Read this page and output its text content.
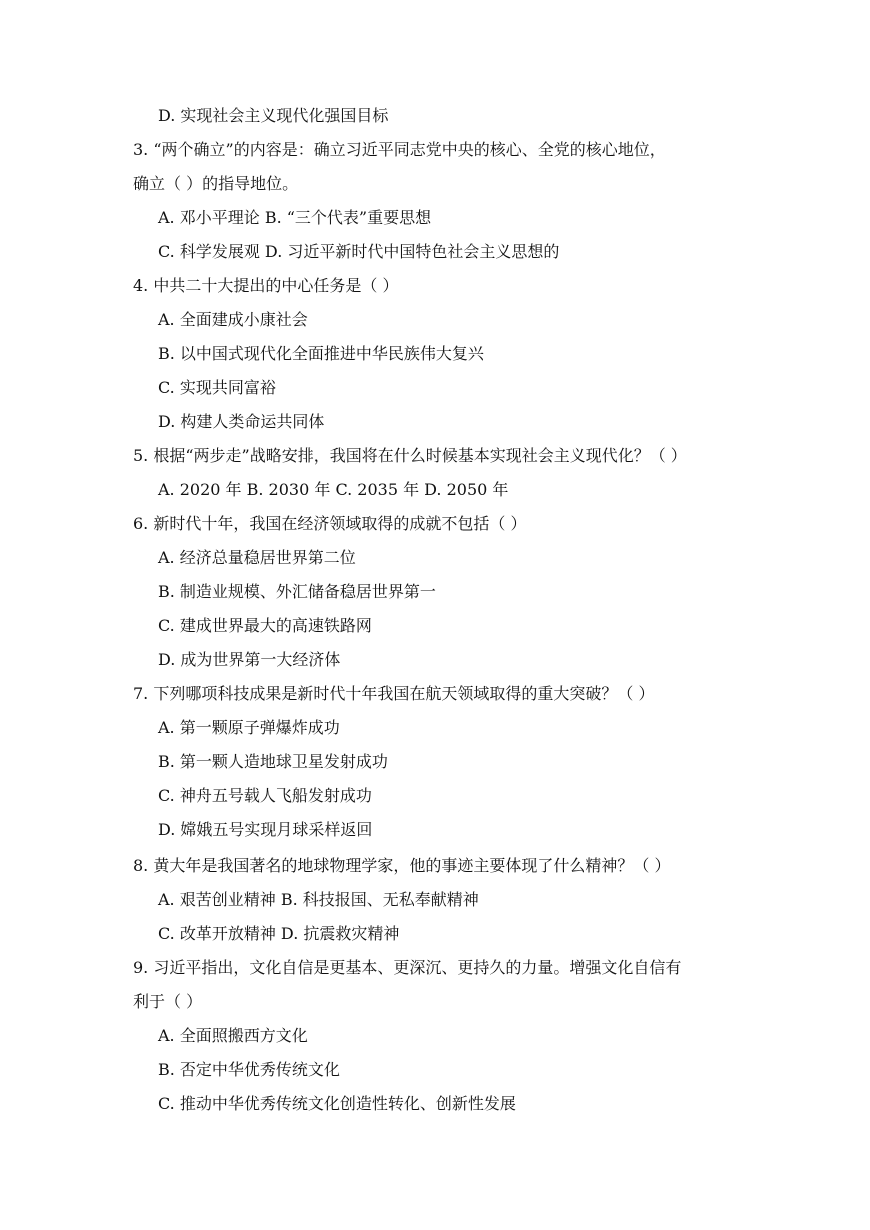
D. 实现社会主义现代化强国目标
3. “两个确立”的内容是：确立习近平同志党中央的核心、全党的核心地位，
确立（ ）的指导地位。
A. 邓小平理论 B. “三个代表”重要思想
C. 科学发展观 D. 习近平新时代中国特色社会主义思想的
4. 中共二十大提出的中心任务是（ ）
A. 全面建成小康社会
B. 以中国式现代化全面推进中华民族伟大复兴
C. 实现共同富裕
D. 构建人类命运共同体
5. 根据“两步走”战略安排，我国将在什么时候基本实现社会主义现代化？（ ）
A. 2020 年 B. 2030 年 C. 2035 年 D. 2050 年
6. 新时代十年，我国在经济领域取得的成就不包括（ ）
A. 经济总量稳居世界第二位
B. 制造业规模、外汇储备稳居世界第一
C. 建成世界最大的高速铁路网
D. 成为世界第一大经济体
7. 下列哪项科技成果是新时代十年我国在航天领域取得的重大突破？（ ）
A. 第一颗原子弹爆炸成功
B. 第一颗人造地球卫星发射成功
C. 神舟五号载人飞船发射成功
D. 嫦娥五号实现月球采样返回
8. 黄大年是我国著名的地球物理学家，他的事迹主要体现了什么精神？（ ）
A. 艰苦创业精神 B. 科技报国、无私奉献精神
C. 改革开放精神 D. 抗震救灾精神
9. 习近平指出，文化自信是更基本、更深沉、更持久的力量。增强文化自信有
利于（ ）
A. 全面照搬西方文化
B. 否定中华优秀传统文化
C. 推动中华优秀传统文化创造性转化、创新性发展
